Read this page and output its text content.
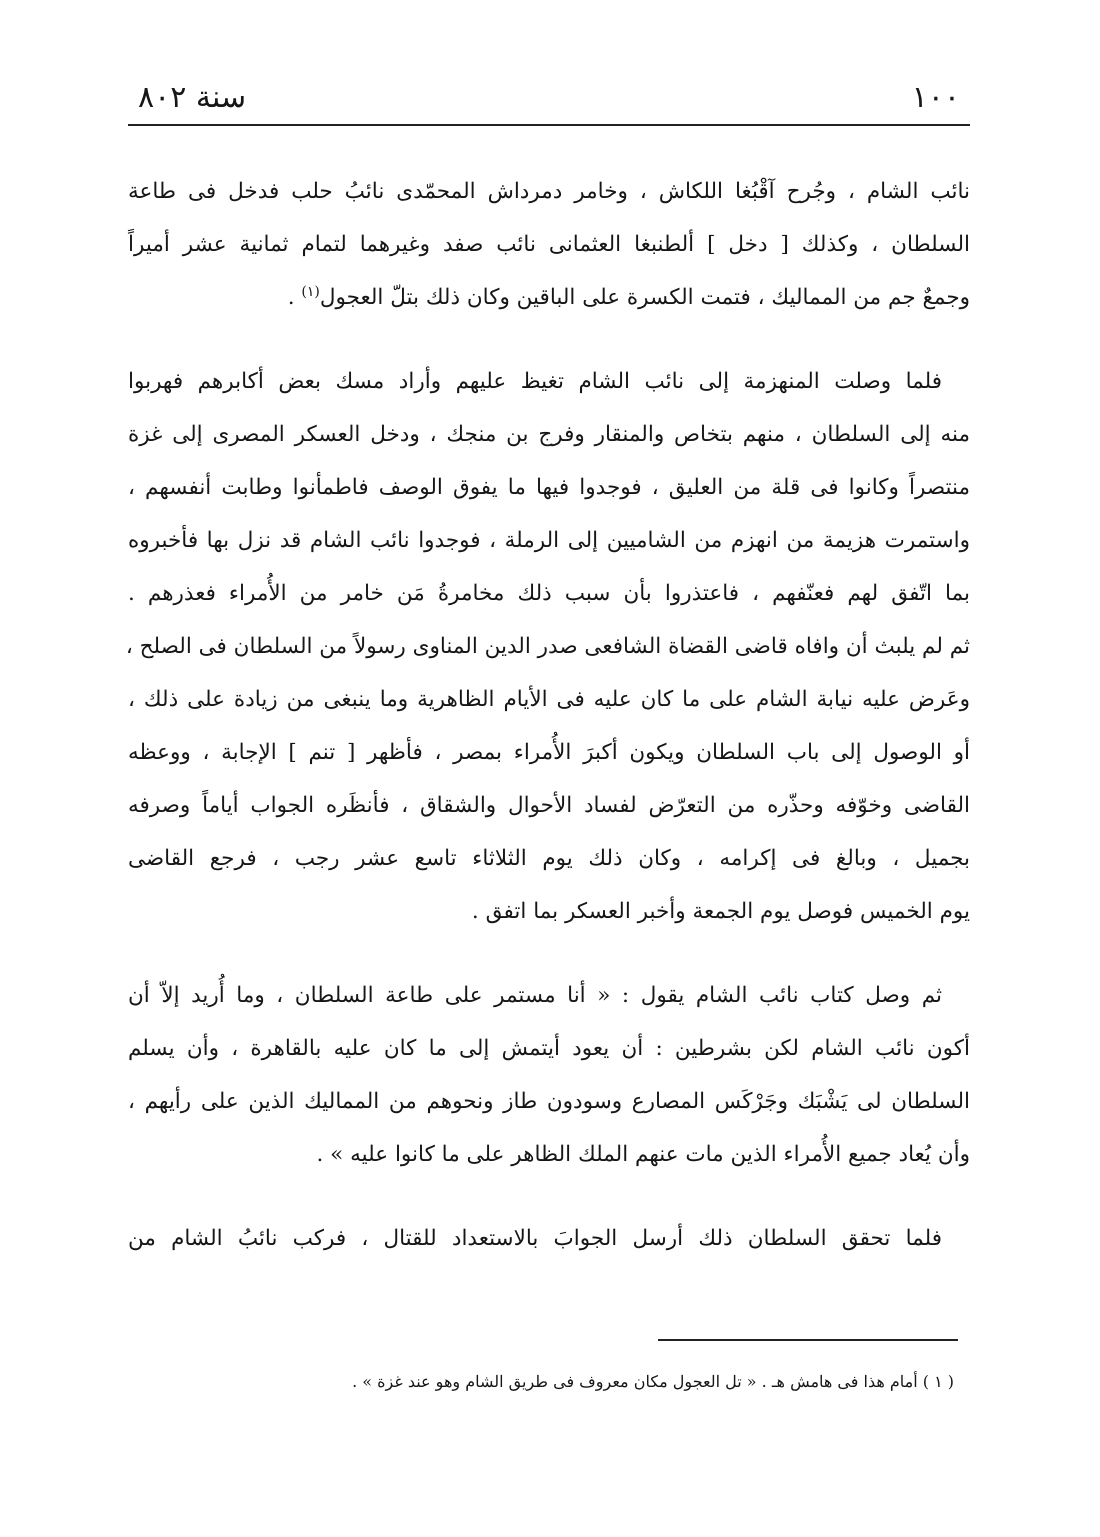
١٠٠
سنة ٨٠٢
نائب الشام ، وجُرح آقْبُغا اللكاش ، وخامر دمرداش المحمّدى نائبُ حلب فدخل فى طاعة
السلطان ، وكذلك [ دخل ] ألطنبغا العثمانى نائب صفد وغيرهما لتمام ثمانية عشر أميراً
وجمعٌ جم من المماليك ، فتمت الكسرة على الباقين وكان ذلك بتلّ العجول$^{(١)}$ .
فلما وصلت المنهزمة إلى نائب الشام تغيظ عليهم وأراد مسك بعض أكابرهم فهربوا
منه إلى السلطان ، منهم بتخاص والمنقار وفرج بن منجك ، ودخل العسكر المصرى إلى غزة
منتصراً وكانوا فى قلة من العليق ، فوجدوا فيها ما يفوق الوصف فاطمأنوا وطابت أنفسهم ،
واستمرت هزيمة من انهزم من الشاميين إلى الرملة ، فوجدوا نائب الشام قد نزل بها فأخبروه
بما اتّفق لهم فعنّفهم ، فاعتذروا بأن سبب ذلك مخامرةُ مَن خامر من الأُمراء فعذرهم .
ثم لم يلبث أن وافاه قاضى القضاة الشافعى صدر الدين المناوى رسولاً من السلطان فى الصلح ،
وعَرض عليه نيابة الشام على ما كان عليه فى الأيام الظاهرية وما ينبغى من زيادة على ذلك ،
أو الوصول إلى باب السلطان ويكون أكبرَ الأُمراء بمصر ، فأظهر [ تنم ] الإجابة ، ووعظه
القاضى وخوّفه وحذّره من التعرّض لفساد الأحوال والشقاق ، فأنظَره الجواب أياماً وصرفه
بجميل ، وبالغ فى إكرامه ، وكان ذلك يوم الثلاثاء تاسع عشر رجب ، فرجع القاضى
يوم الخميس فوصل يوم الجمعة وأخبر العسكر بما اتفق .
ثم وصل كتاب نائب الشام يقول : « أنا مستمر على طاعة السلطان ، وما أُريد إلاّ أن
أكون نائب الشام لكن بشرطين : أن يعود أيتمش إلى ما كان عليه بالقاهرة ، وأن يسلم
السلطان لى يَشْبَك وجَرْكَس المصارع وسودون طاز ونحوهم من المماليك الذين على رأيهم ،
وأن يُعاد جميع الأُمراء الذين مات عنهم الملك الظاهر على ما كانوا عليه » .
فلما تحقق السلطان ذلك أرسل الجوابَ بالاستعداد للقتال ، فركب نائبُ الشام من
( ١ ) أمام هذا فى هامش هـ . « تل العجول مكان معروف فى طريق الشام وهو عند غزة » .
